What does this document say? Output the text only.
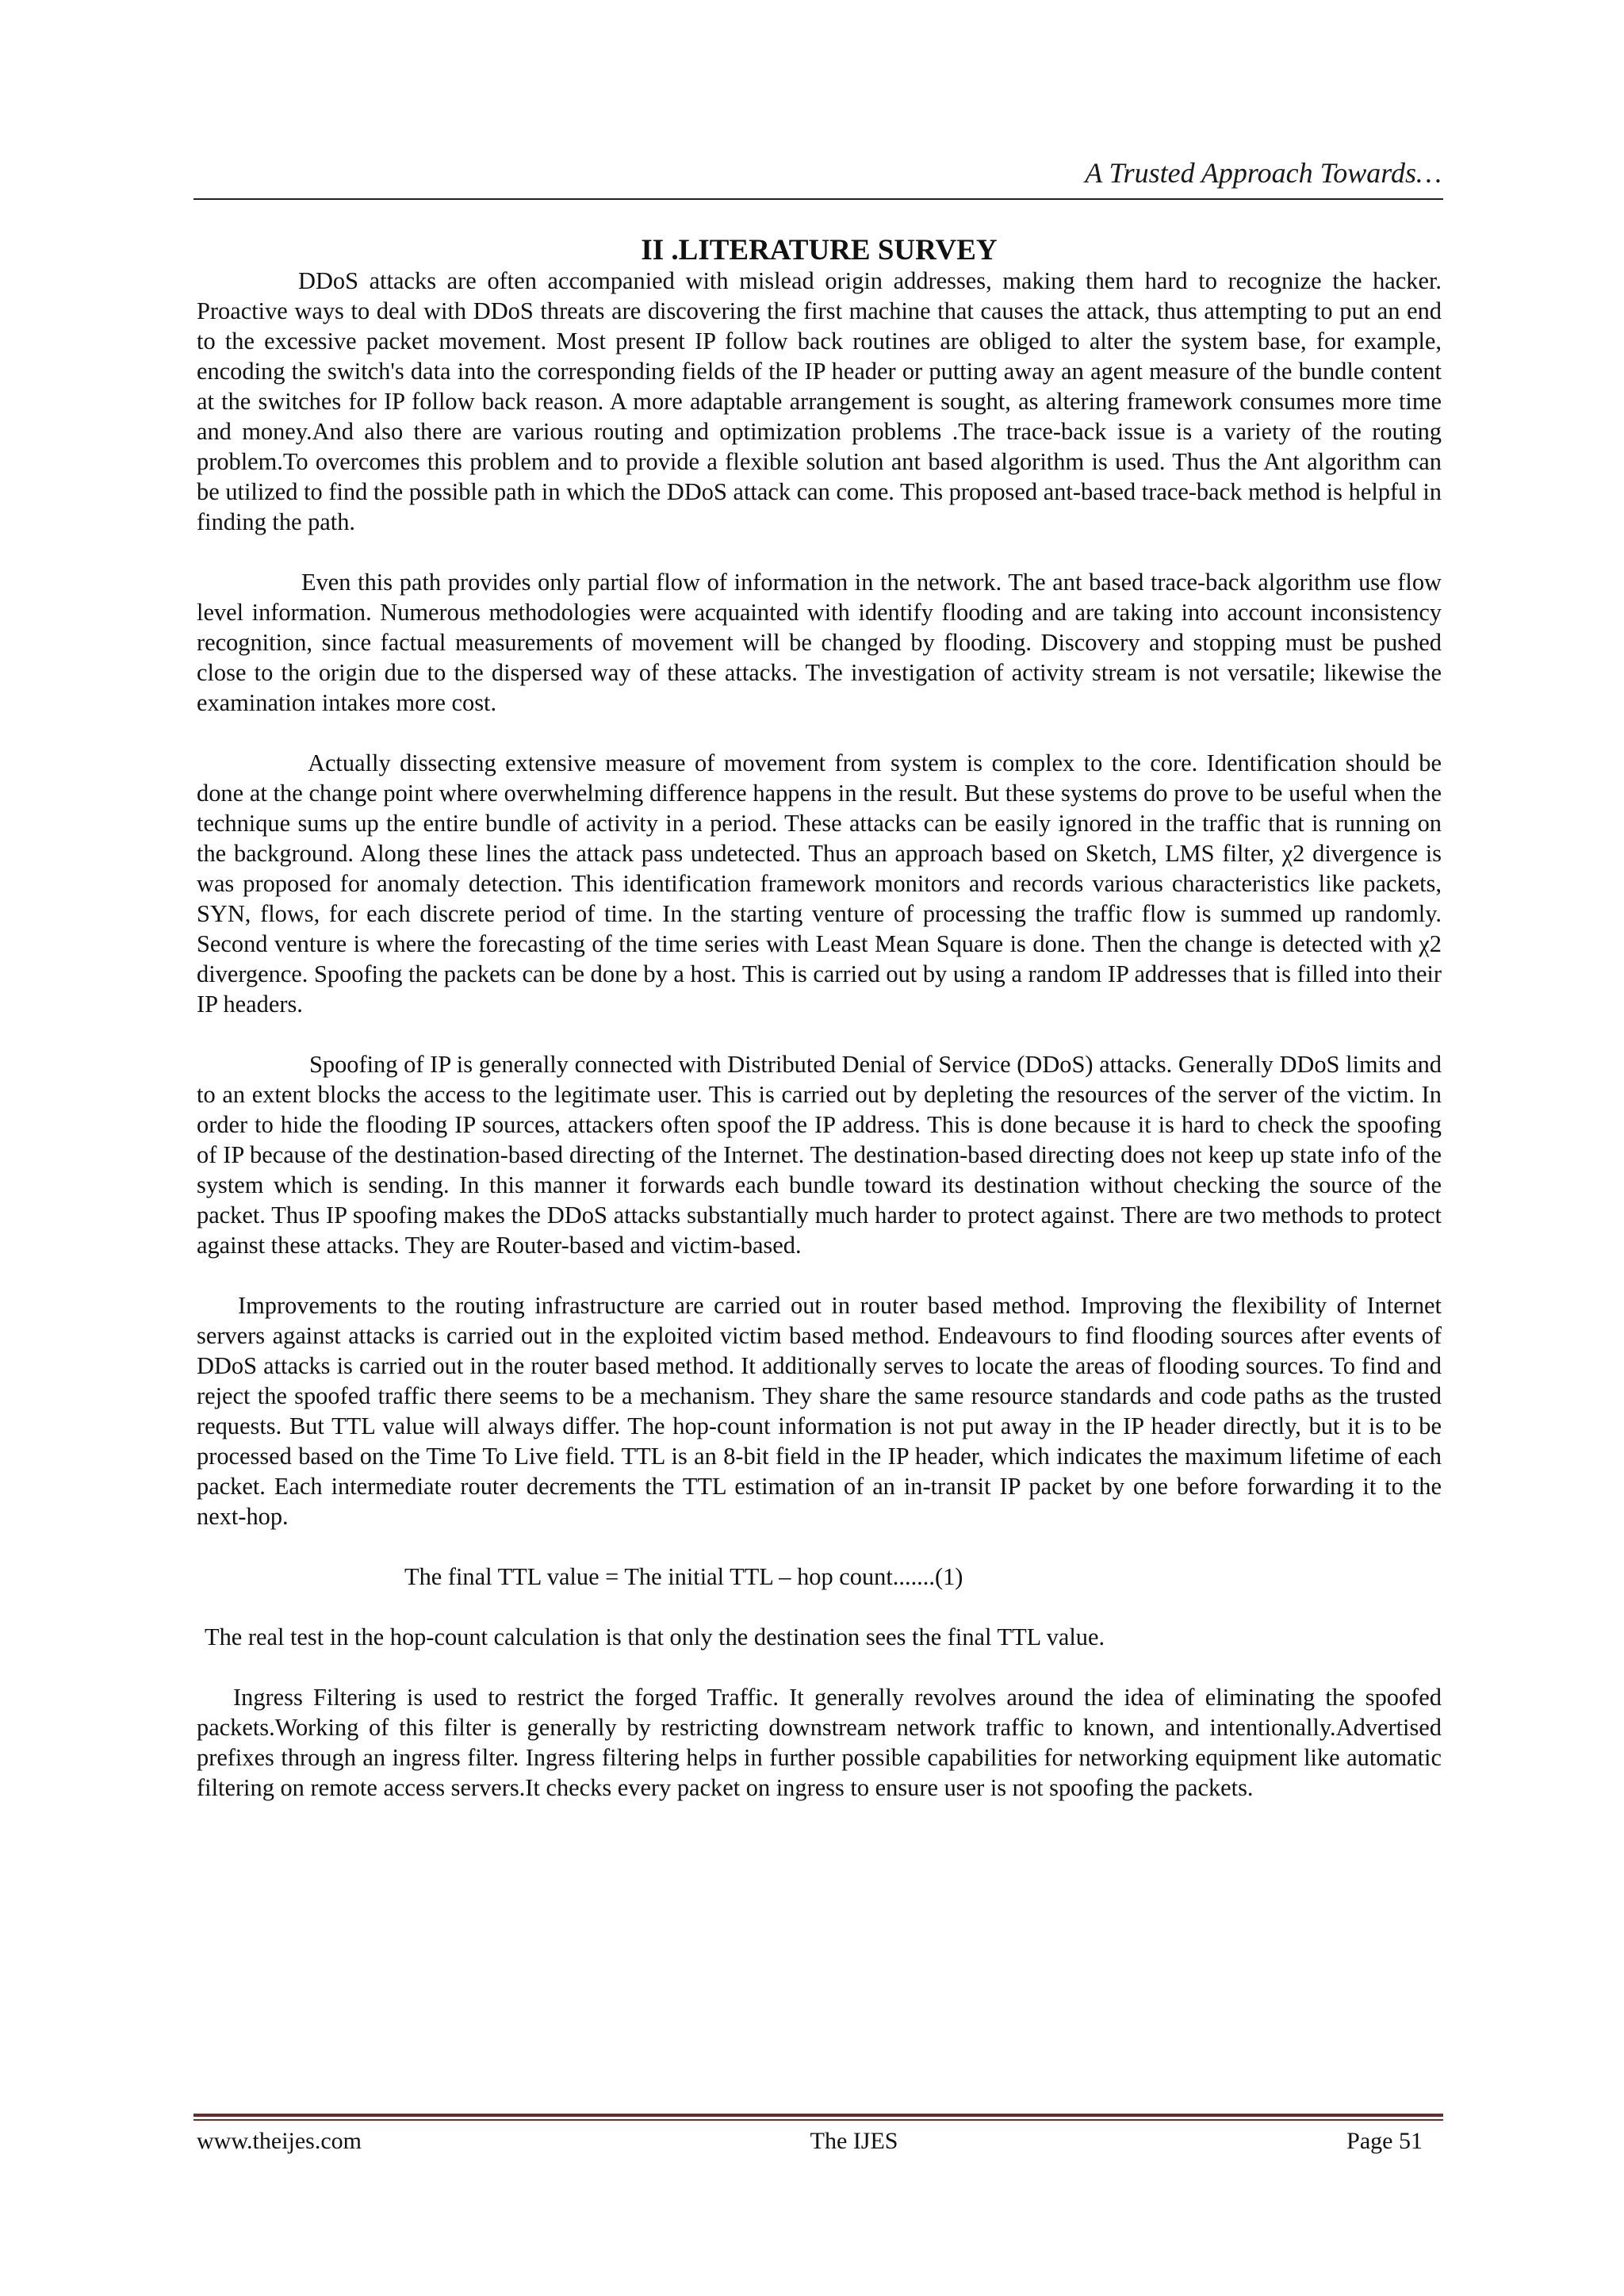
A Trusted Approach Towards…
II .LITERATURE SURVEY

DDoS attacks are often accompanied with mislead origin addresses, making them hard to recognize the hacker. Proactive ways to deal with DDoS threats are discovering the first machine that causes the attack, thus attempting to put an end to the excessive packet movement. Most present IP follow back routines are obliged to alter the system base, for example, encoding the switch's data into the corresponding fields of the IP header or putting away an agent measure of the bundle content at the switches for IP follow back reason. A more adaptable arrangement is sought, as altering framework consumes more time and money.And also there are various routing and optimization problems .The trace-back issue is a variety of the routing problem.To overcomes this problem and to provide a flexible solution ant based algorithm is used. Thus the Ant algorithm can be utilized to find the possible path in which the DDoS attack can come. This proposed ant-based trace-back method is helpful in finding the path.

Even this path provides only partial flow of information in the network. The ant based trace-back algorithm use flow level information. Numerous methodologies were acquainted with identify flooding and are taking into account inconsistency recognition, since factual measurements of movement will be changed by flooding. Discovery and stopping must be pushed close to the origin due to the dispersed way of these attacks. The investigation of activity stream is not versatile; likewise the examination intakes more cost.

Actually dissecting extensive measure of movement from system is complex to the core. Identification should be done at the change point where overwhelming difference happens in the result. But these systems do prove to be useful when the technique sums up the entire bundle of activity in a period. These attacks can be easily ignored in the traffic that is running on the background. Along these lines the attack pass undetected. Thus an approach based on Sketch, LMS filter, χ2 divergence is was proposed for anomaly detection. This identification framework monitors and records various characteristics like packets, SYN, flows, for each discrete period of time. In the starting venture of processing the traffic flow is summed up randomly. Second venture is where the forecasting of the time series with Least Mean Square is done. Then the change is detected with χ2 divergence. Spoofing the packets can be done by a host. This is carried out by using a random IP addresses that is filled into their IP headers.

Spoofing of IP is generally connected with Distributed Denial of Service (DDoS) attacks. Generally DDoS limits and to an extent blocks the access to the legitimate user. This is carried out by depleting the resources of the server of the victim. In order to hide the flooding IP sources, attackers often spoof the IP address. This is done because it is hard to check the spoofing of IP because of the destination-based directing of the Internet. The destination-based directing does not keep up state info of the system which is sending. In this manner it forwards each bundle toward its destination without checking the source of the packet. Thus IP spoofing makes the DDoS attacks substantially much harder to protect against. There are two methods to protect against these attacks. They are Router-based and victim-based.

Improvements to the routing infrastructure are carried out in router based method. Improving the flexibility of Internet servers against attacks is carried out in the exploited victim based method. Endeavours to find flooding sources after events of DDoS attacks is carried out in the router based method. It additionally serves to locate the areas of flooding sources. To find and reject the spoofed traffic there seems to be a mechanism. They share the same resource standards and code paths as the trusted requests. But TTL value will always differ. The hop-count information is not put away in the IP header directly, but it is to be processed based on the Time To Live field. TTL is an 8-bit field in the IP header, which indicates the maximum lifetime of each packet. Each intermediate router decrements the TTL estimation of an in-transit IP packet by one before forwarding it to the next-hop.

The final TTL value = The initial TTL – hop count.......(1)

The real test in the hop-count calculation is that only the destination sees the final TTL value.

Ingress Filtering is used to restrict the forged Traffic. It generally revolves around the idea of eliminating the spoofed packets.Working of this filter is generally by restricting downstream network traffic to known, and intentionally.Advertised prefixes through an ingress filter. Ingress filtering helps in further possible capabilities for networking equipment like automatic filtering on remote access servers.It checks every packet on ingress to ensure user is not spoofing the packets.

www.theijes.com	The IJES	Page 51
